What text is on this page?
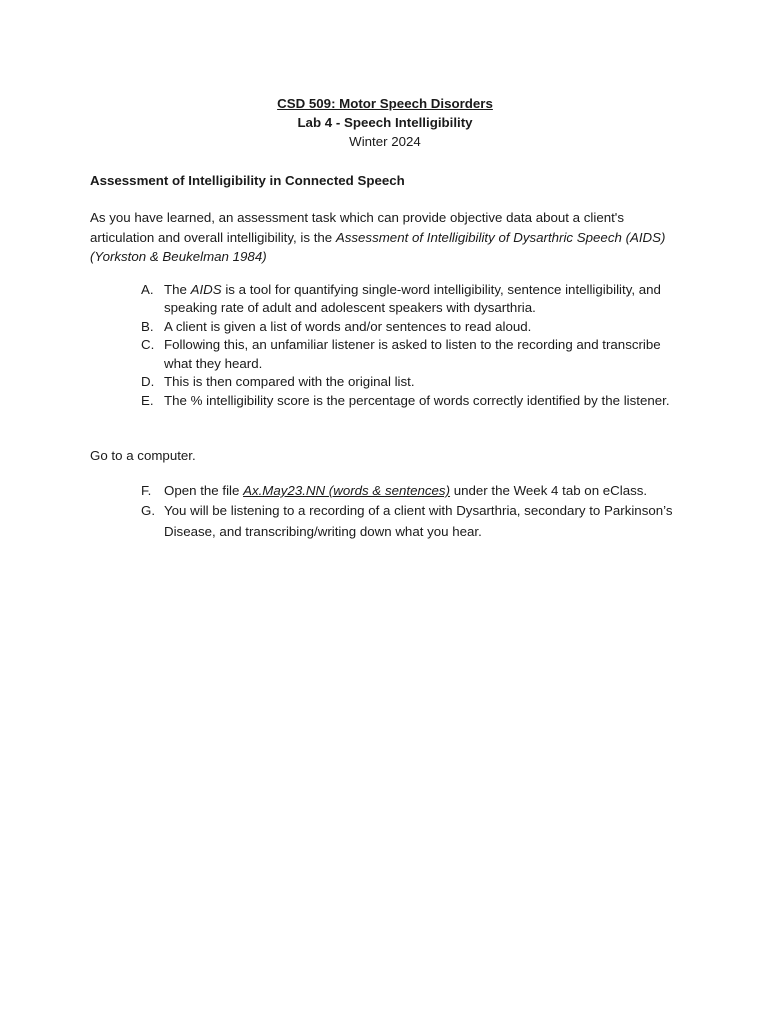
CSD 509: Motor Speech Disorders
Lab 4 - Speech Intelligibility
Winter 2024
Assessment of Intelligibility in Connected Speech
As you have learned, an assessment task which can provide objective data about a client's articulation and overall intelligibility, is the Assessment of Intelligibility of Dysarthric Speech (AIDS) (Yorkston & Beukelman 1984)
A. The AIDS is a tool for quantifying single-word intelligibility, sentence intelligibility, and speaking rate of adult and adolescent speakers with dysarthria.
B. A client is given a list of words and/or sentences to read aloud.
C. Following this, an unfamiliar listener is asked to listen to the recording and transcribe what they heard.
D. This is then compared with the original list.
E. The % intelligibility score is the percentage of words correctly identified by the listener.
Go to a computer.
F. Open the file Ax.May23.NN (words & sentences) under the Week 4 tab on eClass.
G. You will be listening to a recording of a client with Dysarthria, secondary to Parkinson’s Disease, and transcribing/writing down what you hear.
